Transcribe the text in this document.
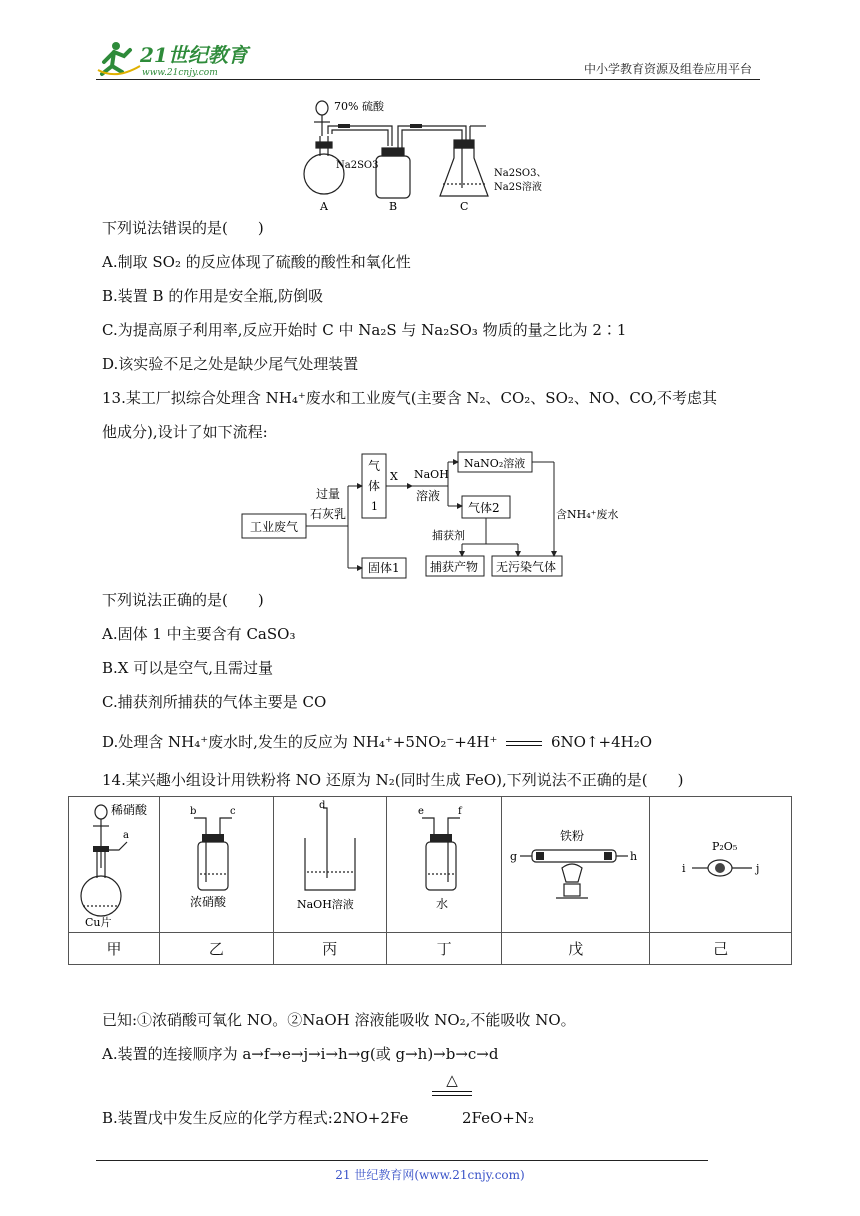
21世纪教育
www.21cnjy.com	中小学教育资源及组卷应用平台
70% 硫酸
Na2SO3
Na2SO3、
Na2S溶液
A	B	C
下列说法错误的是(　　)
A.制取 SO₂ 的反应体现了硫酸的酸性和氧化性
B.装置 B 的作用是安全瓶,防倒吸
C.为提高原子利用率,反应开始时 C 中 Na₂S 与 Na₂SO₃ 物质的量之比为 2∶1
D.该实验不足之处是缺少尾气处理装置
13.某工厂拟综合处理含 NH₄⁺废水和工业废气(主要含 N₂、CO₂、SO₂、NO、CO,不考虑其
他成分),设计了如下流程:
工业废气
过量
石灰乳
气
体
1
X NaOH
溶液
NaNO₂溶液
气体2	含NH₄⁺废水
捕获剂
固体1	捕获产物 无污染气体
下列说法正确的是(　　)
A.固体 1 中主要含有 CaSO₃
B.X 可以是空气,且需过量
C.捕获剂所捕获的气体主要是 CO
D.处理含 NH₄⁺废水时,发生的反应为 NH₄⁺+5NO₂⁻+4H⁺	6NO↑+4H₂O
14.某兴趣小组设计用铁粉将 NO 还原为 N₂(同时生成 FeO),下列说法不正确的是(　　)
稀硝酸
a
Cu片	b c
浓硝酸	d
NaOH溶液	e f
水	铁粉
g h	P₂O₅
i j

甲	乙	丙	丁	戊	己
已知:①浓硝酸可氧化 NO。②NaOH 溶液能吸收 NO₂,不能吸收 NO。
A.装置的连接顺序为 a→f→e→j→i→h→g(或 g→h)→b→c→d
△
B.装置戊中发生反应的化学方程式:2NO+2Fe	2FeO+N₂
21 世纪教育网(www.21cnjy.com)
